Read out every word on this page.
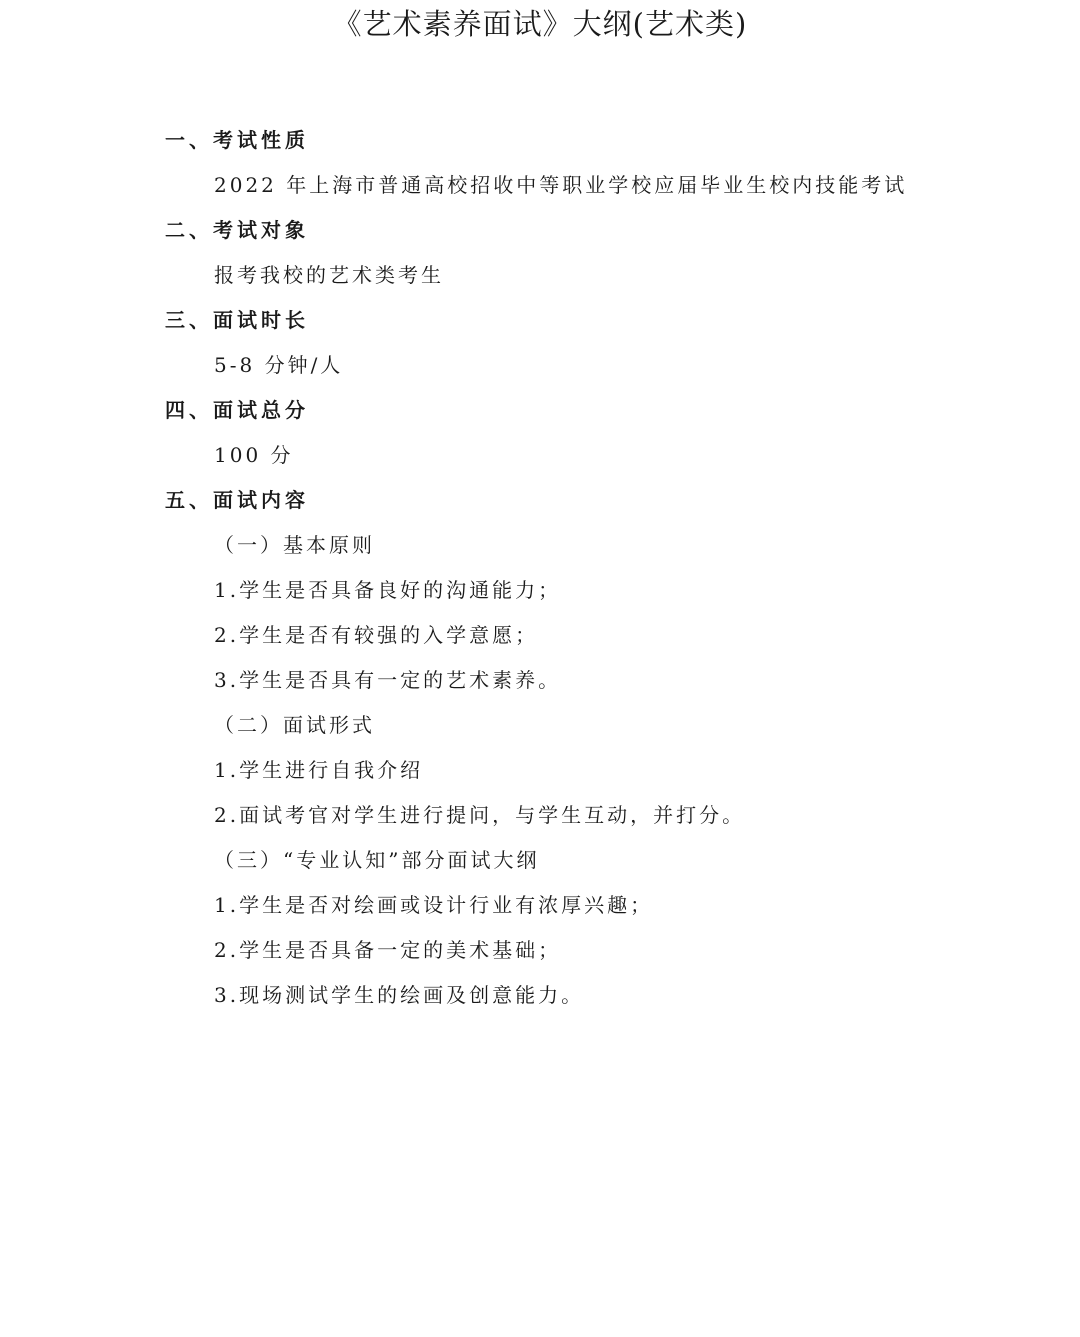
《艺术素养面试》大纲(艺术类)
一、考试性质
2022 年上海市普通高校招收中等职业学校应届毕业生校内技能考试
二、考试对象
报考我校的艺术类考生
三、面试时长
5-8 分钟/人
四、面试总分
100 分
五、面试内容
（一）基本原则
1.学生是否具备良好的沟通能力；
2.学生是否有较强的入学意愿；
3.学生是否具有一定的艺术素养。
（二）面试形式
1.学生进行自我介绍
2.面试考官对学生进行提问，与学生互动，并打分。
（三）“专业认知”部分面试大纲
1.学生是否对绘画或设计行业有浓厚兴趣；
2.学生是否具备一定的美术基础；
3.现场测试学生的绘画及创意能力。
